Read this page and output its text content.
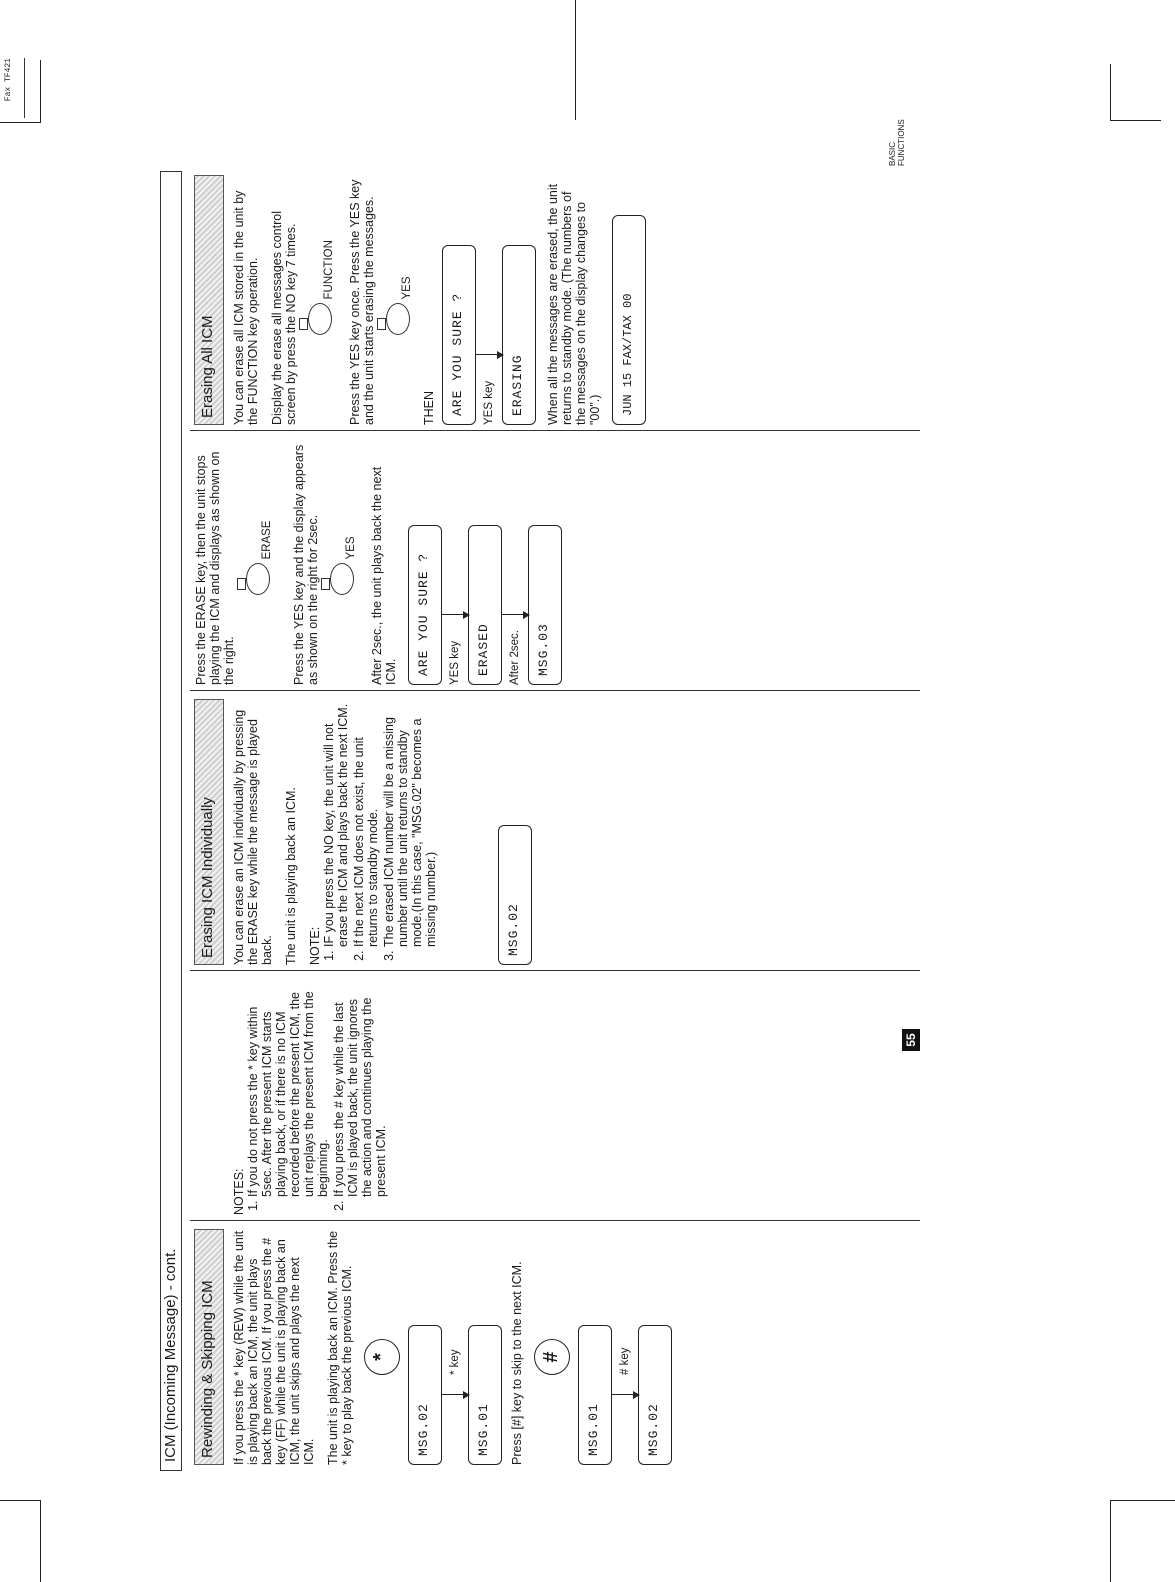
Fax TF421
ICM (Incoming Message) - cont.	Rewinding & Skipping ICM	If you press the * key (REW) while the unit is playing back an ICM, the unit plays back the previous ICM. If you press the # key (FF) while the unit is playing back an ICM, the unit skips and plays the next ICM. The unit is playing back an ICM. Press the * key to play back the previous ICM. *
MSG.02
* key
MSG.01	Press [#] key to skip to the next ICM. #
MSG.01
# key
MSG.02
NOTES: 1. If you do not press the * key within 5sec. After the present ICM starts playing back, or if there is no ICM recorded before the present ICM, the unit replays the present ICM from the beginning. 2. If you press the # key while the last ICM is played back, the unit ignores the action and continues playing the present ICM.
Erasing ICM Individually	You can erase an ICM individually by pressing the ERASE key while the message is played back. The unit is playing back an ICM. NOTE: 1. IF you press the NO key, the unit will not erase the ICM and plays back the next ICM. 2. If the next ICM does not exist, the unit returns to standby mode. 3. The erased ICM number will be a missing number until the unit returns to standby mode.(In this case, "MSG.02" becomes a missing number.)	MSG.02

Press the ERASE key, then the unit stops playing the ICM and displays as shown on the right.

ERASE Press the YES key and the display appears as shown on the right for 2sec.	YES After 2sec., the unit plays back the next ICM.	ARE YOU SURE ?	YES key	ERASED	After 2sec.	MSG.03
Erasing All ICM	You can erase all ICM stored in the unit by the FUNCTION key operation. Display the erase all messages control screen by press the NO key 7 times.	FUNCTION Press the YES key once. Press the YES key and the unit starts erasing the messages.	YES
THEN	ARE YOU SURE ?	YES key	ERASING	When all the messages are erased, the unit returns to standby mode. (The numbers of the messages on the display changes to "00".)	JUN 15 FAX/TAX 00
55
BASIC FUNCTIONS
